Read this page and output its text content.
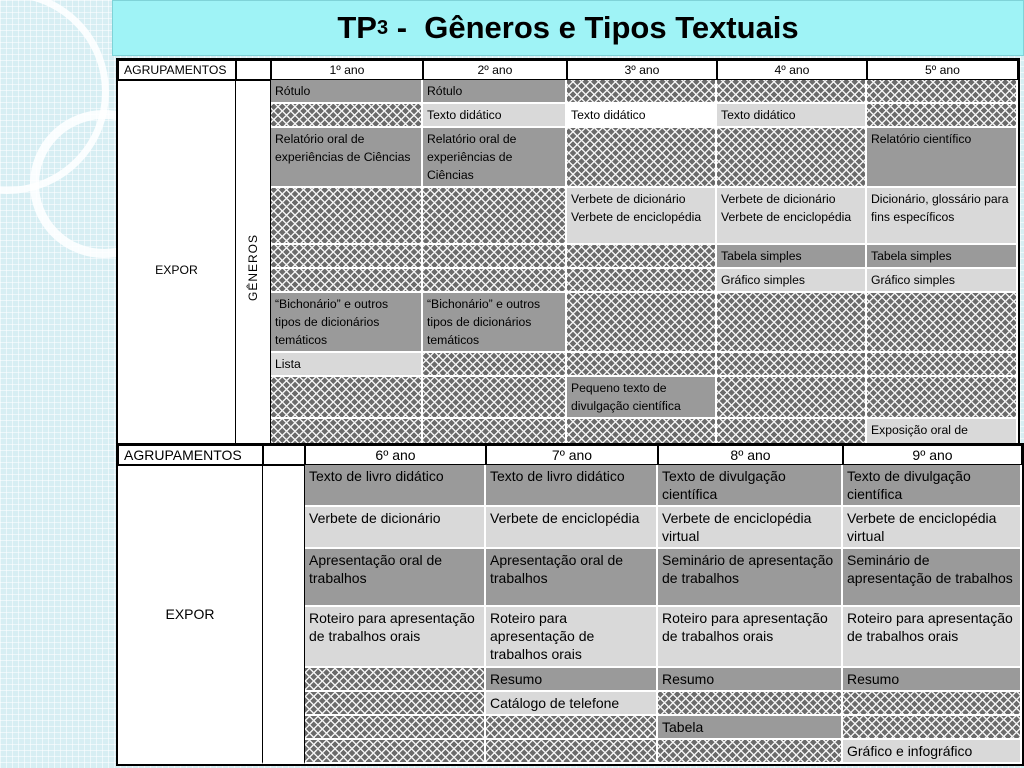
TP 3 -  Gêneros e Tipos Textuais
AGRUPAMENTOS		1º ano	2º ano	3º ano	4º ano	5º ano
EXPOR	GÊNEROS	Rótulo	Rótulo			
			Texto didático	Texto didático	Texto didático	
		Relatório oral de experiências de Ciências	Relatório oral de experiências de Ciências			Relatório científico
				Verbete de dicionário Verbete de enciclopédia	Verbete de dicionário Verbete de enciclopédia	Dicionário, glossário para fins específicos
					Tabela simples	Tabela simples
					Gráfico simples	Gráfico simples
		“Bichonário” e outros tipos de dicionários temáticos	“Bichonário” e outros tipos de dicionários temáticos			
		Lista				
				Pequeno texto de divulgação científica		
						Exposição oral de
AGRUPAMENTOS		6º ano	7º ano	8º ano	9º ano
EXPOR		Texto de livro didático	Texto de livro didático	Texto de divulgação científica	Texto de divulgação científica
		Verbete de dicionário	Verbete de enciclopédia	Verbete de enciclopédia virtual	Verbete de enciclopédia virtual
		Apresentação oral de trabalhos	Apresentação oral de trabalhos	Seminário de apresentação de trabalhos	Seminário de apresentação de trabalhos
		Roteiro para apresentação de trabalhos orais	Roteiro para apresentação de trabalhos orais	Roteiro para apresentação de trabalhos orais	Roteiro para apresentação de trabalhos orais
			Resumo	Resumo	Resumo
			Catálogo de telefone		
				Tabela	
					Gráfico e infográfico
